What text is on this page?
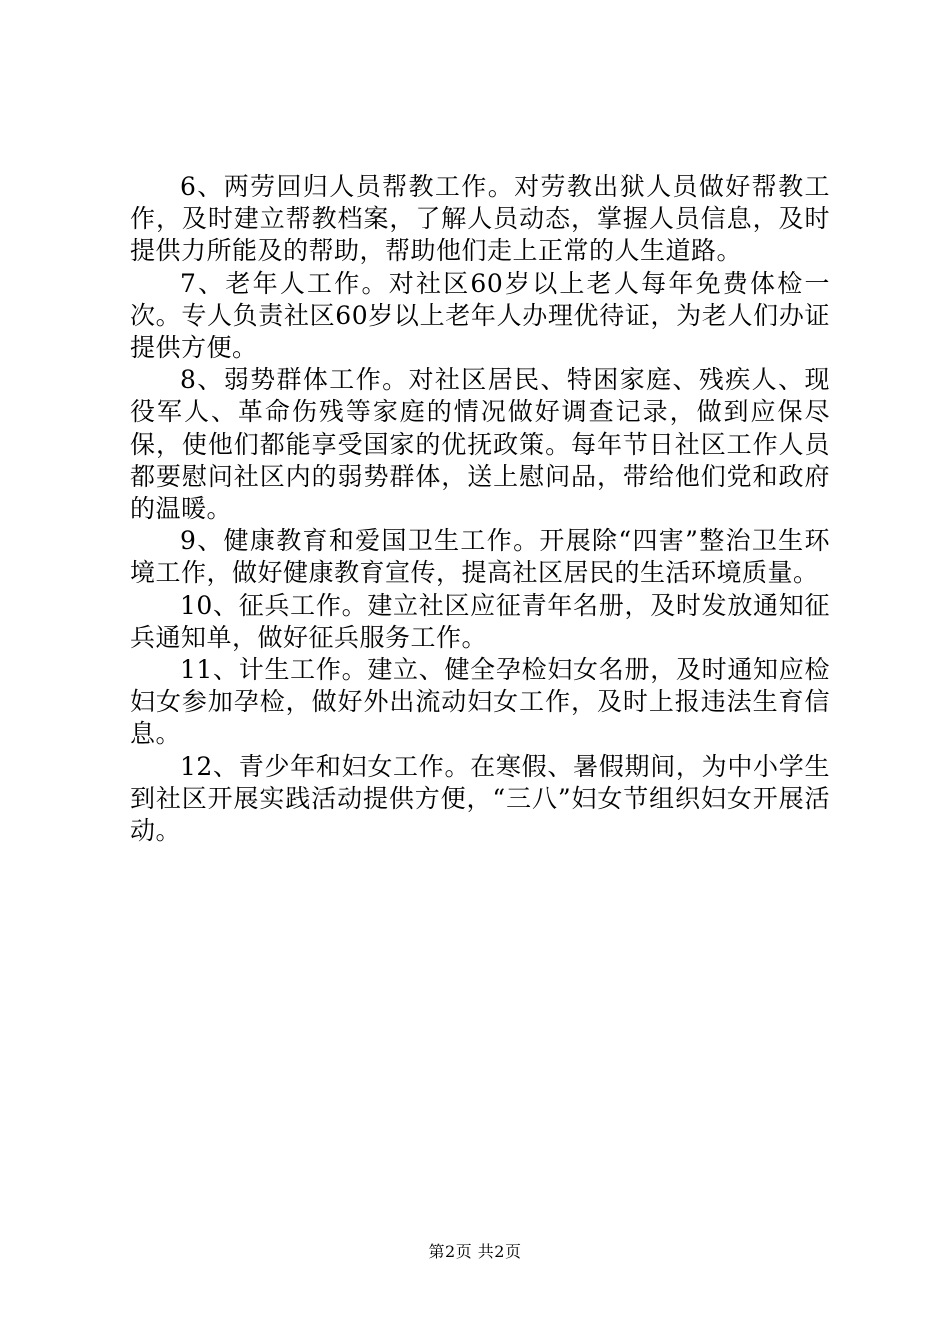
6、两劳回归人员帮教工作。对劳教出狱人员做好帮教工作，及时建立帮教档案，了解人员动态，掌握人员信息，及时提供力所能及的帮助，帮助他们走上正常的人生道路。

7、老年人工作。对社区60岁以上老人每年免费体检一次。专人负责社区60岁以上老年人办理优待证，为老人们办证提供方便。

8、弱势群体工作。对社区居民、特困家庭、残疾人、现役军人、革命伤残等家庭的情况做好调查记录，做到应保尽保，使他们都能享受国家的优抚政策。每年节日社区工作人员都要慰问社区内的弱势群体，送上慰问品，带给他们党和政府的温暖。

9、健康教育和爱国卫生工作。开展除“四害”整治卫生环境工作，做好健康教育宣传，提高社区居民的生活环境质量。

10、征兵工作。建立社区应征青年名册，及时发放通知征兵通知单，做好征兵服务工作。

11、计生工作。建立、健全孕检妇女名册，及时通知应检妇女参加孕检，做好外出流动妇女工作，及时上报违法生育信息。

12、青少年和妇女工作。在寒假、暑假期间，为中小学生到社区开展实践活动提供方便，“三八”妇女节组织妇女开展活动。

第2页 共2页
